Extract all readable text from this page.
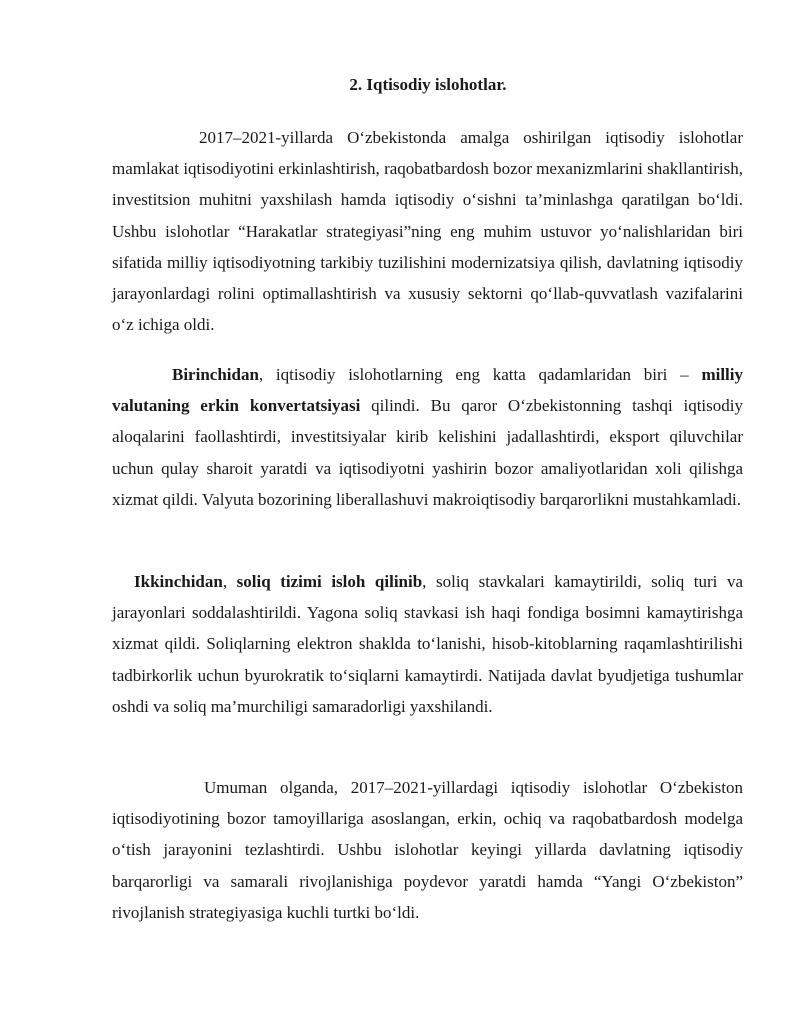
2. Iqtisodiy islohotlar.

2017–2021-yillarda O‘zbekistonda amalga oshirilgan iqtisodiy islohotlar mamlakat iqtisodiyotini erkinlashtirish, raqobatbardosh bozor mexanizmlarini shakllantirish, investitsion muhitni yaxshilash hamda iqtisodiy o‘sishni ta’minlashga qaratilgan bo‘ldi. Ushbu islohotlar “Harakatlar strategiyasi”ning eng muhim ustuvor yo‘nalishlaridan biri sifatida milliy iqtisodiyotning tarkibiy tuzilishini modernizatsiya qilish, davlatning iqtisodiy jarayonlardagi rolini optimallashtirish va xususiy sektorni qo‘llab-quvvatlash vazifalarini o‘z ichiga oldi.

Birinchidan, iqtisodiy islohotlarning eng katta qadamlaridan biri – milliy valutaning erkin konvertatsiyasi qilindi. Bu qaror O‘zbekistonning tashqi iqtisodiy aloqalarini faollashtirdi, investitsiyalar kirib kelishini jadallashtirdi, eksport qiluvchilar uchun qulay sharoit yaratdi va iqtisodiyotni yashirin bozor amaliyotlaridan xoli qilishga xizmat qildi. Valyuta bozorining liberallashuvi makroiqtisodiy barqarorlikni mustahkamladi.

Ikkinchidan, soliq tizimi isloh qilinib, soliq stavkalari kamaytirildi, soliq turi va jarayonlari soddalashtirildi. Yagona soliq stavkasi ish haqi fondiga bosimni kamaytirishga xizmat qildi. Soliqlarning elektron shaklda to‘lanishi, hisob-kitoblarning raqamlashtirilishi tadbirkorlik uchun byurokratik to‘siqlarni kamaytirdi. Natijada davlat byudjetiga tushumlar oshdi va soliq ma’murchiligi samaradorligi yaxshilandi.

Umuman olganda, 2017–2021-yillardagi iqtisodiy islohotlar O‘zbekiston iqtisodiyotining bozor tamoyillariga asoslangan, erkin, ochiq va raqobatbardosh modelga o‘tish jarayonini tezlashtirdi. Ushbu islohotlar keyingi yillarda davlatning iqtisodiy barqarorligi va samarali rivojlanishiga poydevor yaratdi hamda “Yangi O‘zbekiston” rivojlanish strategiyasiga kuchli turtki bo‘ldi.
